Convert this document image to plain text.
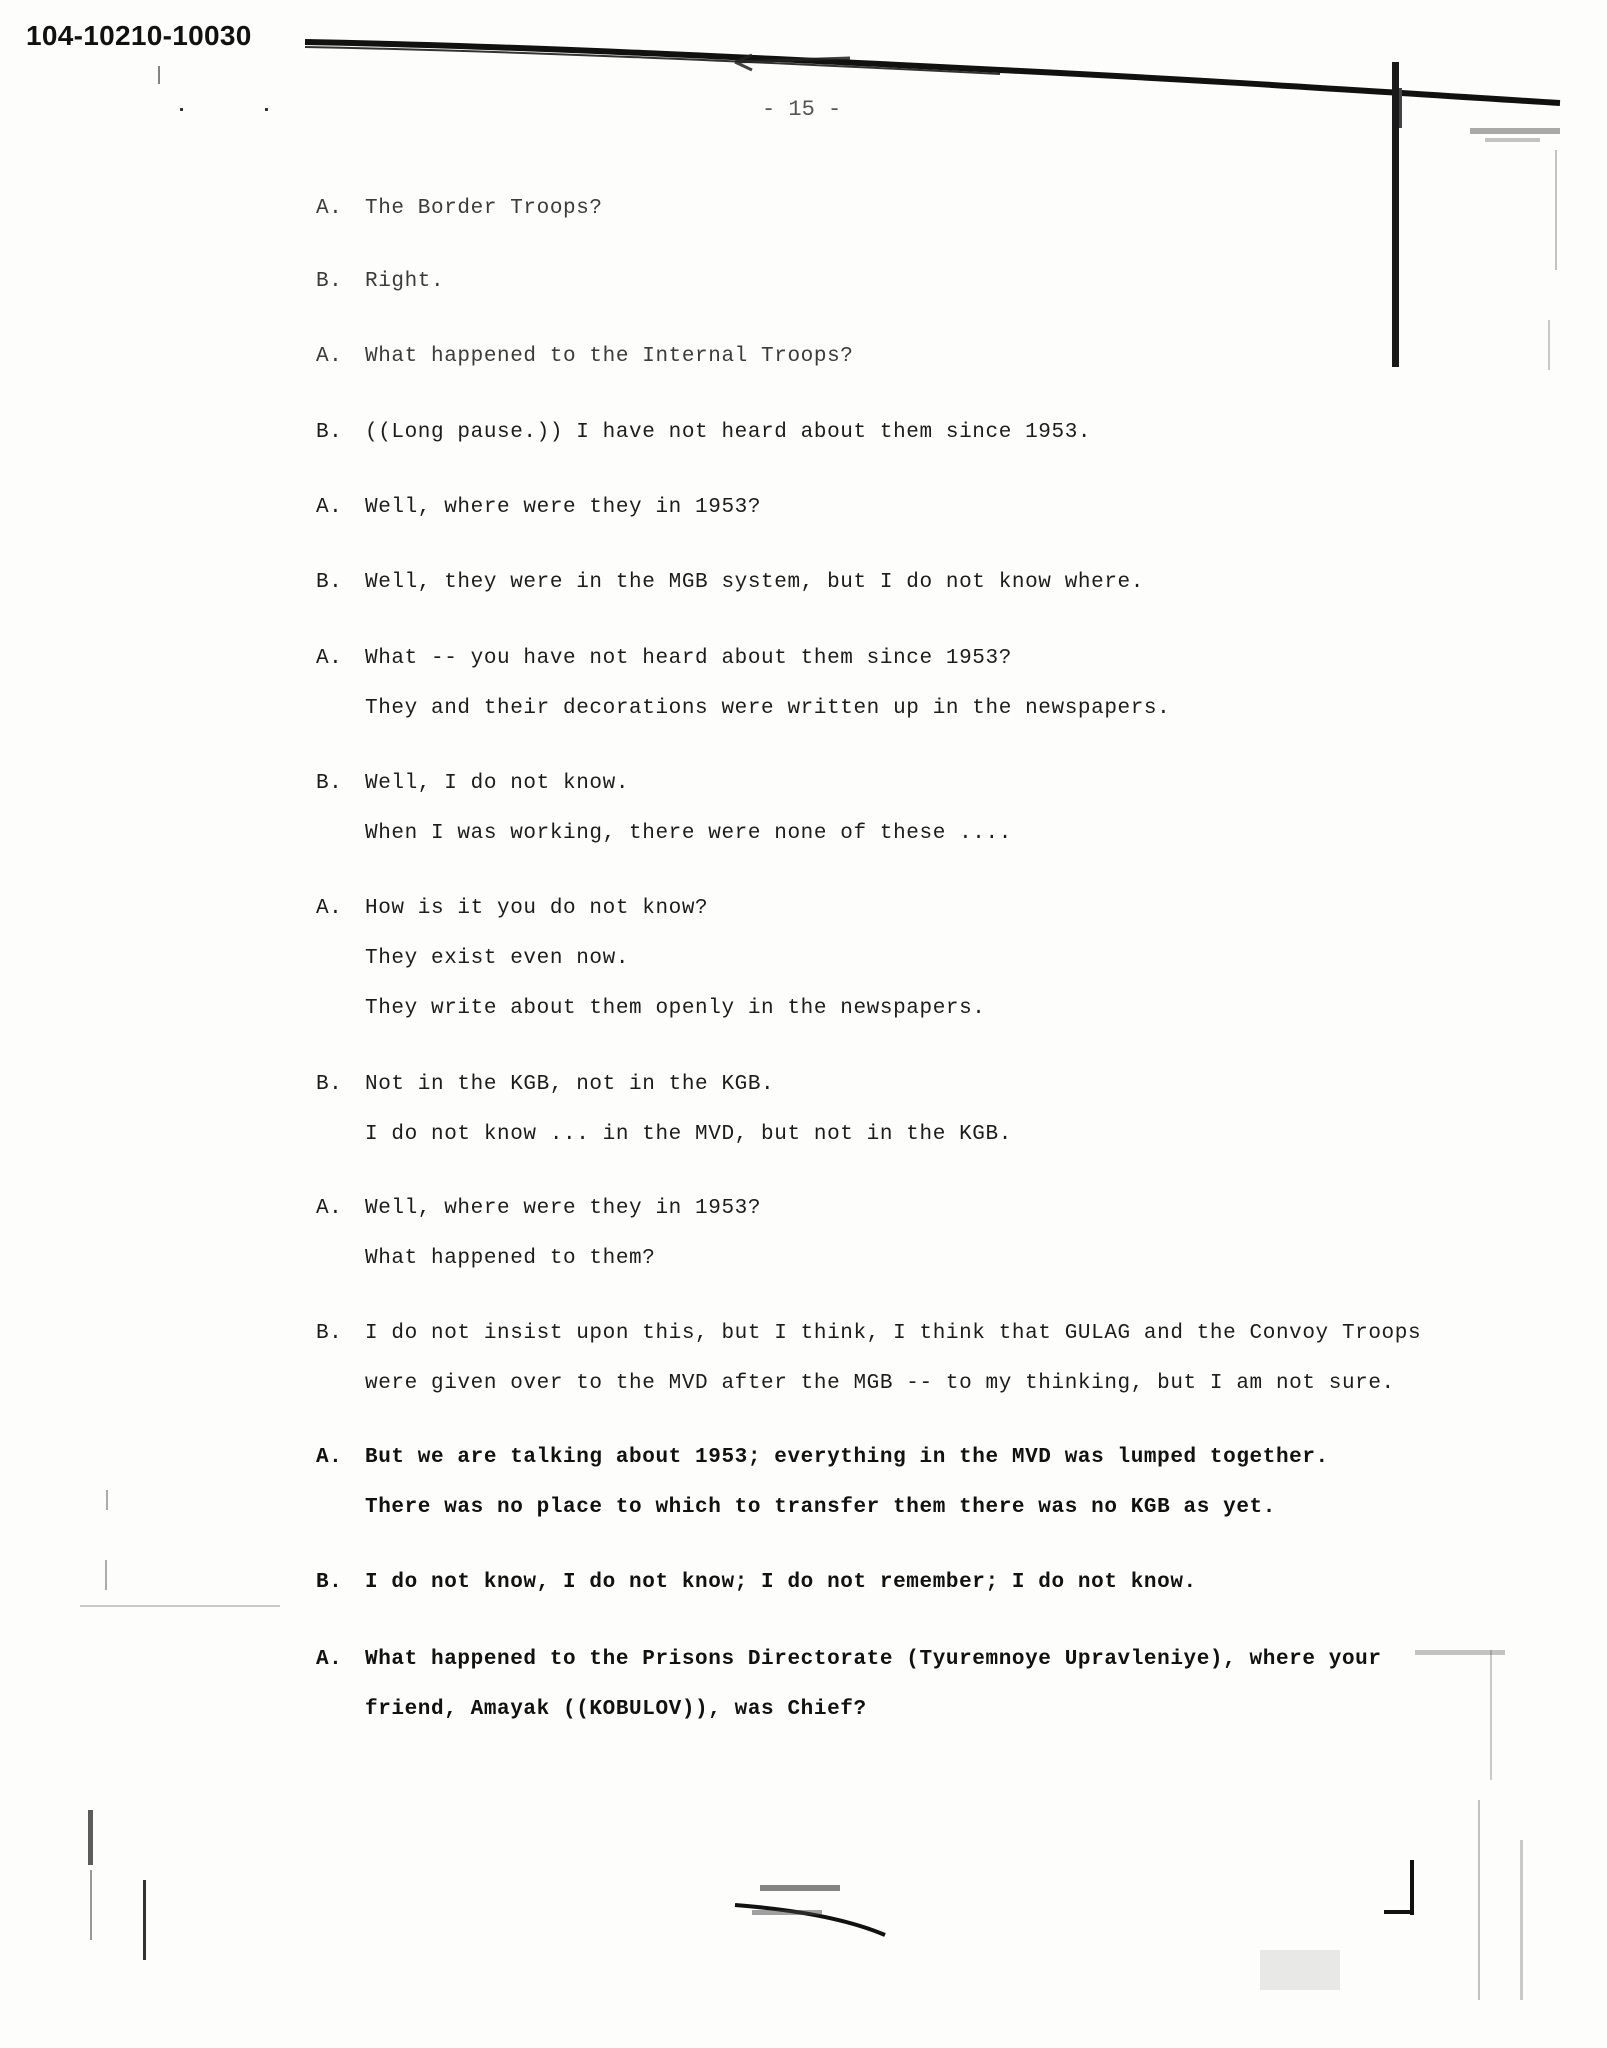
104-10210-10030
- 15 -
A. The Border Troops?
B. Right.
A. What happened to the Internal Troops?
B. ((Long pause.)) I have not heard about them since 1953.
A. Well, where were they in 1953?
B. Well, they were in the MGB system, but I do not know where.
A. What -- you have not heard about them since 1953?
They and their decorations were written up in the newspapers.
B. Well, I do not know.
When I was working, there were none of these ....
A. How is it you do not know?
They exist even now.
They write about them openly in the newspapers.
B. Not in the KGB, not in the KGB.
I do not know ... in the MVD, but not in the KGB.
A. Well, where were they in 1953?
What happened to them?
B. I do not insist upon this, but I think, I think that GULAG and the Convoy Troops
were given over to the MVD after the MGB -- to my thinking, but I am not sure.
A. But we are talking about 1953; everything in the MVD was lumped together.
There was no place to which to transfer them there was no KGB as yet.
B. I do not know, I do not know; I do not remember; I do not know.
A. What happened to the Prisons Directorate (Tyuremnoye Upravleniye), where your
friend, Amayak ((KOBULOV)), was Chief?
